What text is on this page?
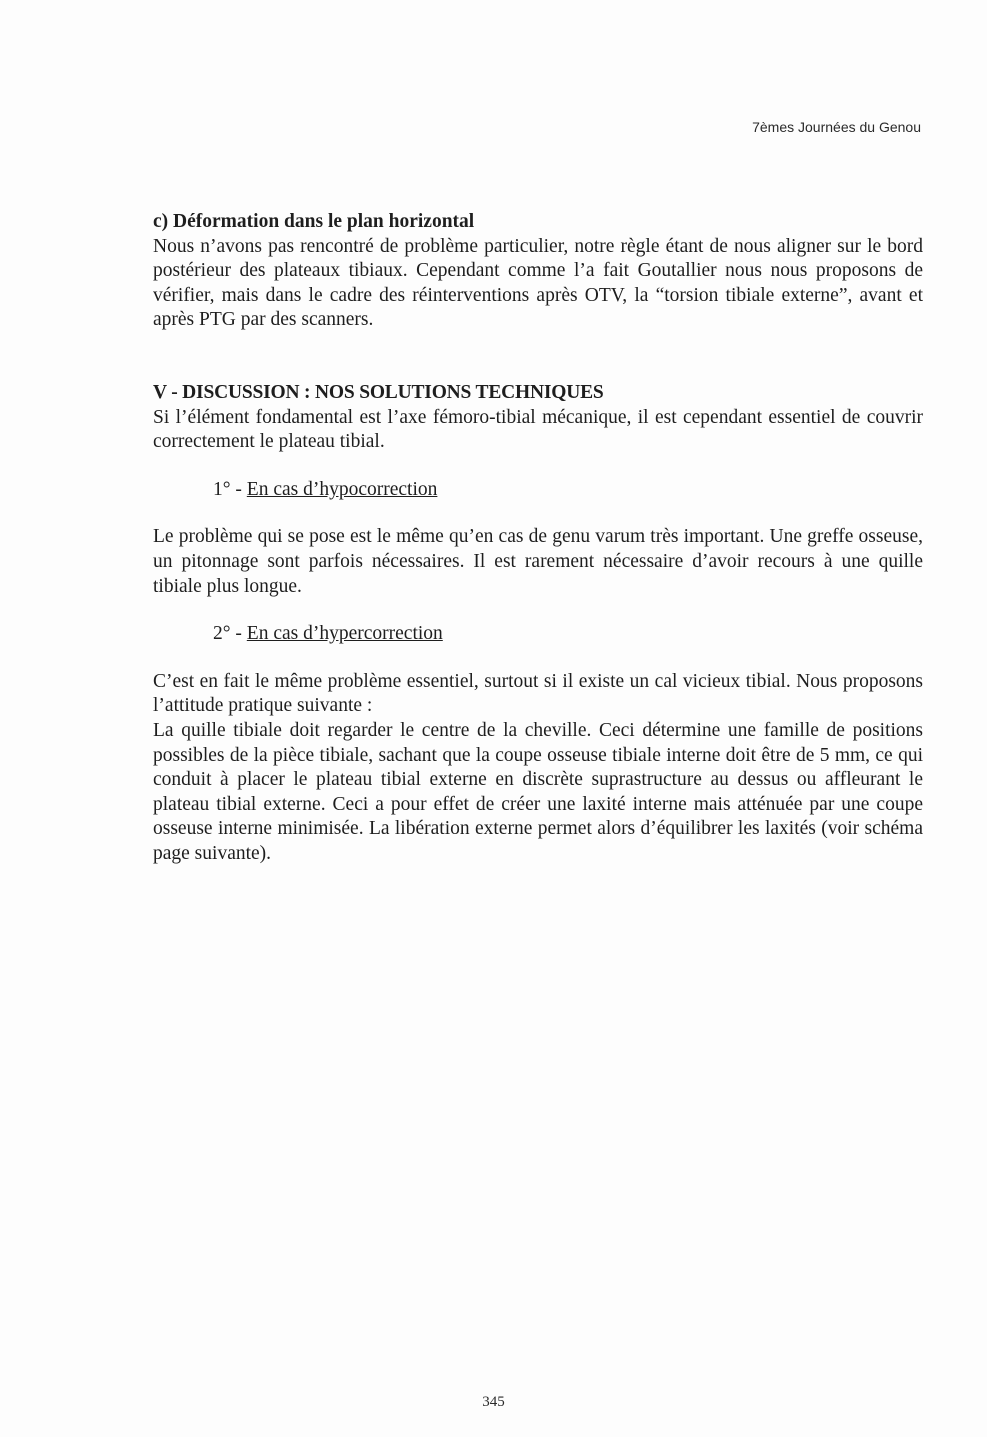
7èmes Journées du Genou

c) Déformation dans le plan horizontal

Nous n’avons pas rencontré de problème particulier, notre règle étant de nous aligner sur le bord postérieur des plateaux tibiaux. Cependant comme l’a fait Goutallier nous nous proposons de vérifier, mais dans le cadre des réinterventions après OTV, la “torsion tibiale externe”, avant et après PTG par des scanners.

V - DISCUSSION : NOS SOLUTIONS TECHNIQUES

Si l’élément fondamental est l’axe fémoro-tibial mécanique, il est cependant essentiel de couvrir correctement le plateau tibial.

1° - En cas d’hypocorrection

Le problème qui se pose est le même qu’en cas de genu varum très important. Une greffe osseuse, un pitonnage sont parfois nécessaires. Il est rarement nécessaire d’avoir recours à une quille tibiale plus longue.

2° - En cas d’hypercorrection

C’est en fait le même problème essentiel, surtout si il existe un cal vicieux tibial. Nous proposons l’attitude pratique suivante :

La quille tibiale doit regarder le centre de la cheville. Ceci détermine une famille de positions possibles de la pièce tibiale, sachant que la coupe osseuse tibiale interne doit être de 5 mm, ce qui conduit à placer le plateau tibial externe en discrète suprastructure au dessus ou affleurant le plateau tibial externe. Ceci a pour effet de créer une laxité interne mais atténuée par une coupe osseuse interne minimisée. La libération externe permet alors d’équilibrer les laxités (voir schéma page suivante).

345
